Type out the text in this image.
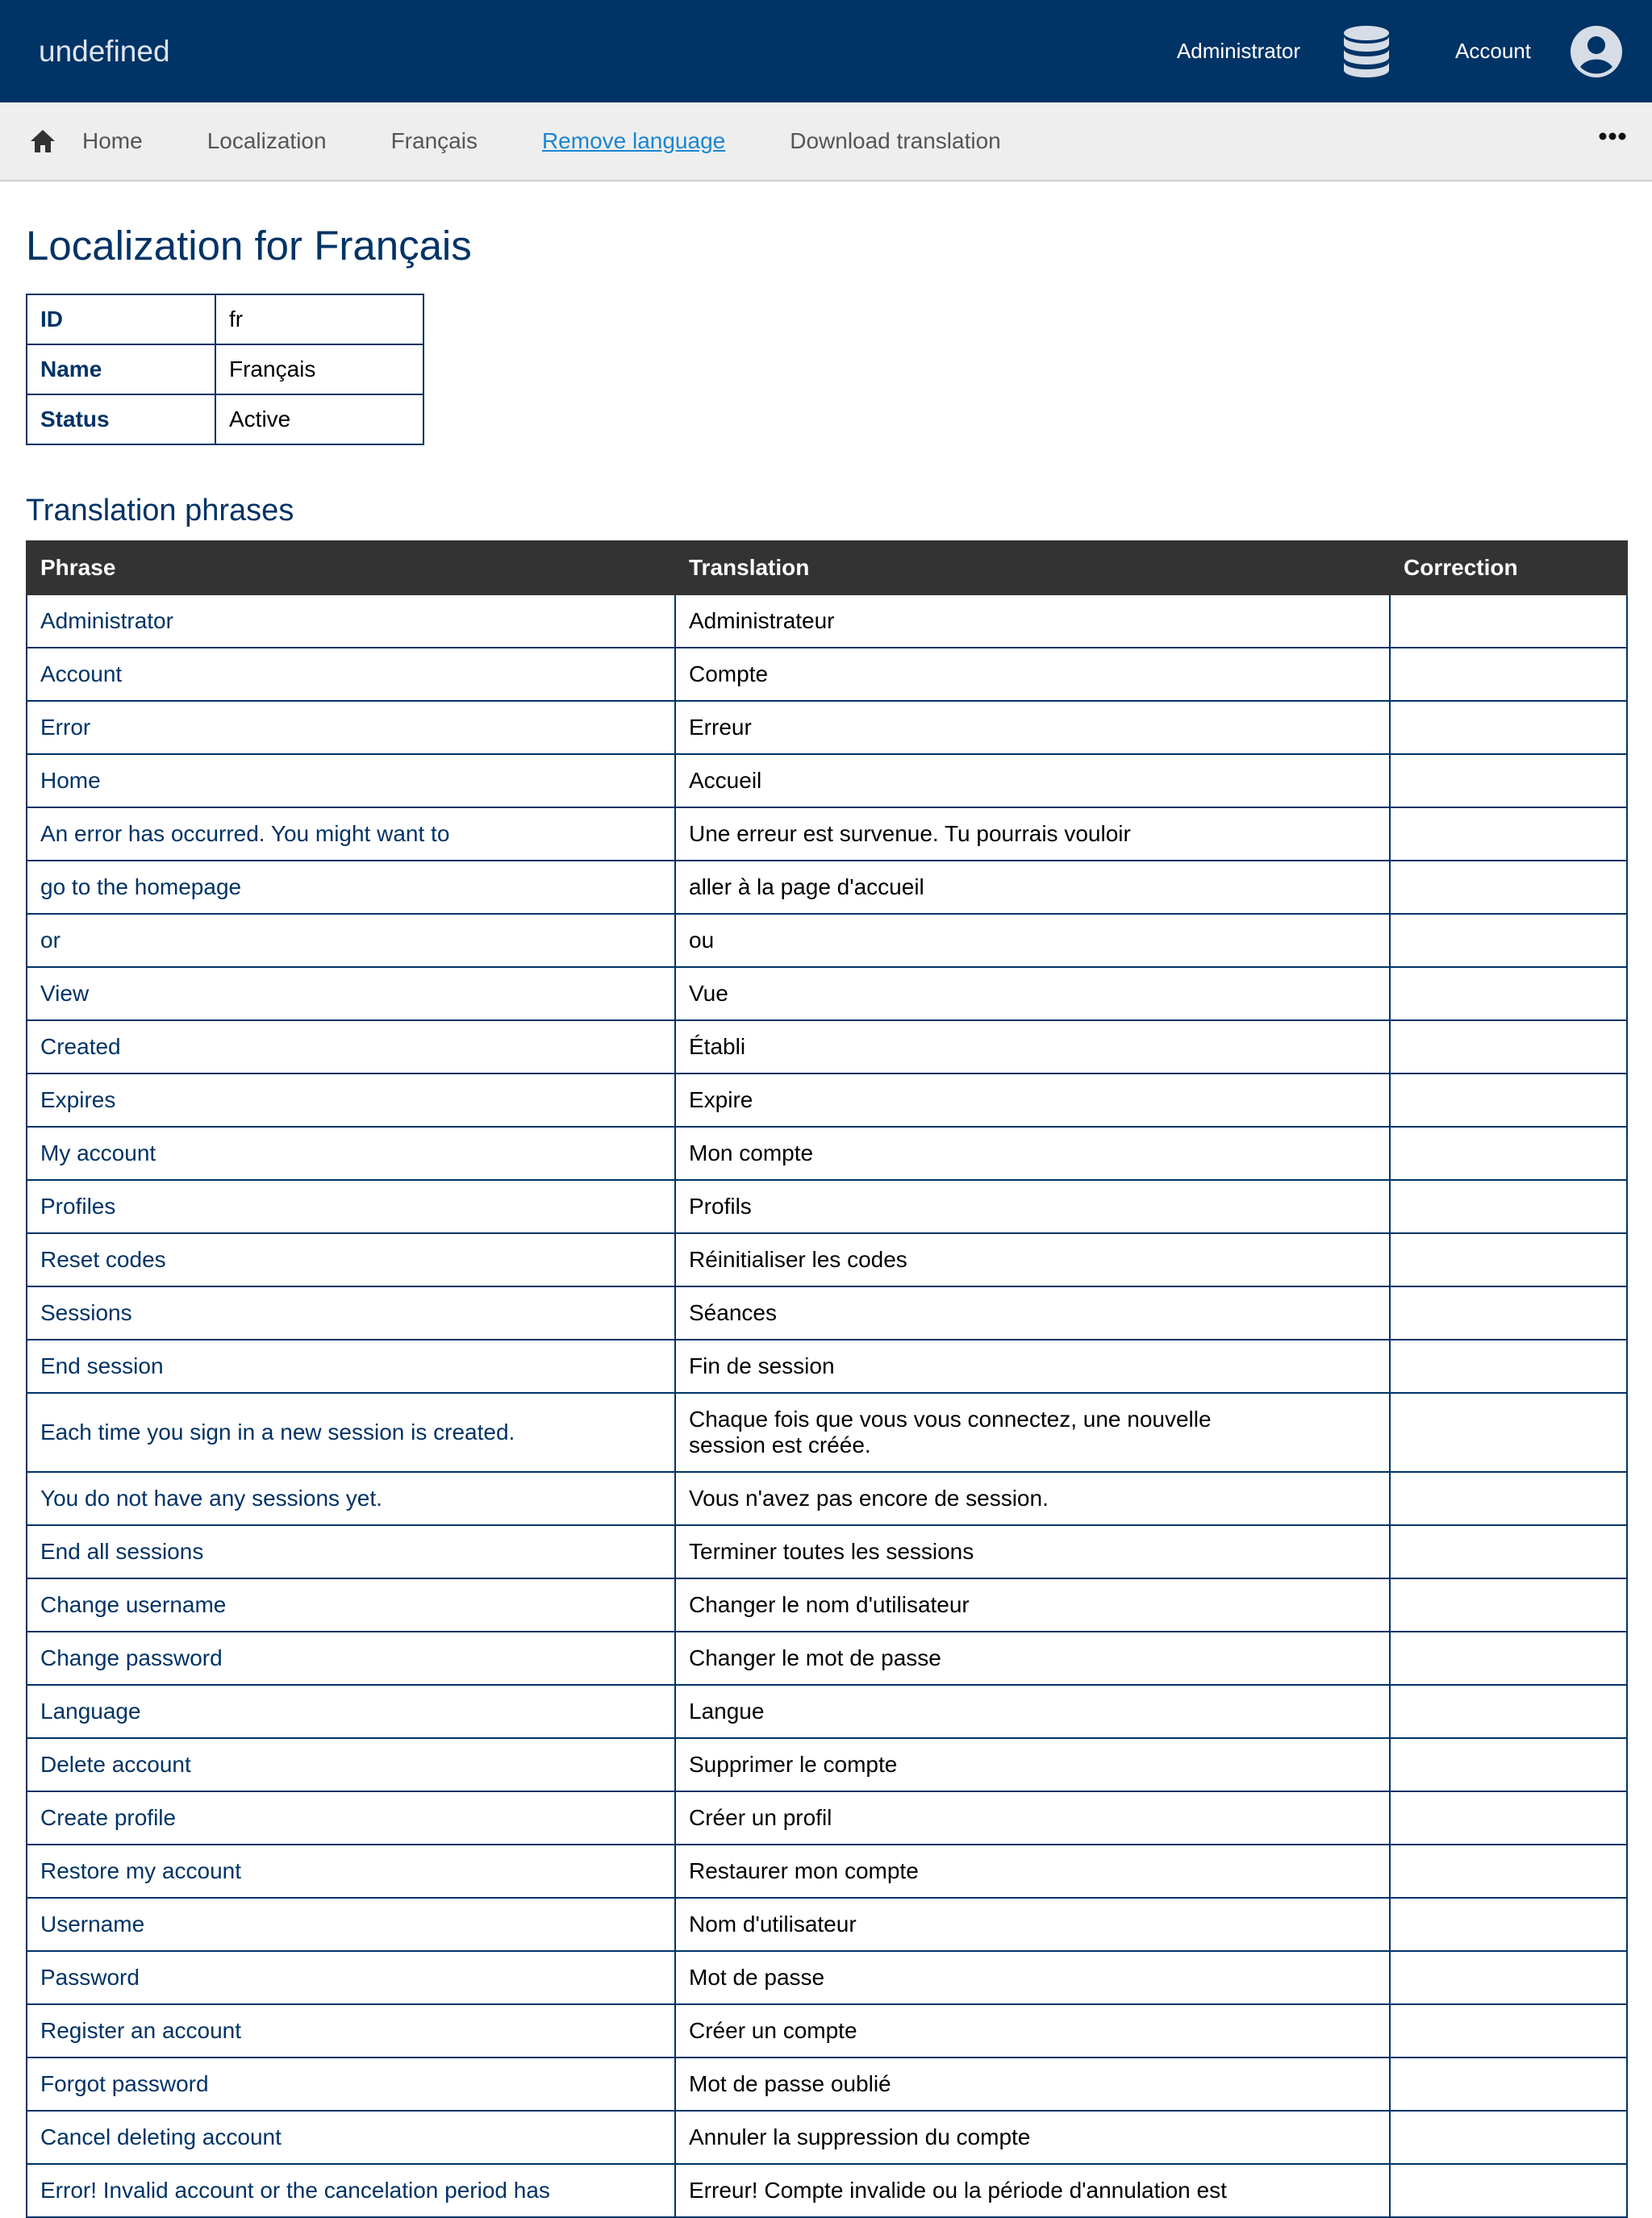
undefined	Administrator	Account
Home	Localization	Français	Remove language	Download translation
Localization for Français
ID	fr
Name	Français
Status	Active
Translation phrases
Phrase	Translation	Correction
Administrator	Administrateur	
Account	Compte	
Error	Erreur	
Home	Accueil	
An error has occurred. You might want to	Une erreur est survenue. Tu pourrais vouloir	
go to the homepage	aller à la page d'accueil	
or	ou	
View	Vue	
Created	Établi	
Expires	Expire	
My account	Mon compte	
Profiles	Profils	
Reset codes	Réinitialiser les codes	
Sessions	Séances	
End session	Fin de session	
Each time you sign in a new session is created.	Chaque fois que vous vous connectez, une nouvelle session est créée.	
You do not have any sessions yet.	Vous n'avez pas encore de session.	
End all sessions	Terminer toutes les sessions	
Change username	Changer le nom d'utilisateur	
Change password	Changer le mot de passe	
Language	Langue	
Delete account	Supprimer le compte	
Create profile	Créer un profil	
Restore my account	Restaurer mon compte	
Username	Nom d'utilisateur	
Password	Mot de passe	
Register an account	Créer un compte	
Forgot password	Mot de passe oublié	
Cancel deleting account	Annuler la suppression du compte	
Error! Invalid account or the cancelation period has	Erreur! Compte invalide ou la période d'annulation est	
